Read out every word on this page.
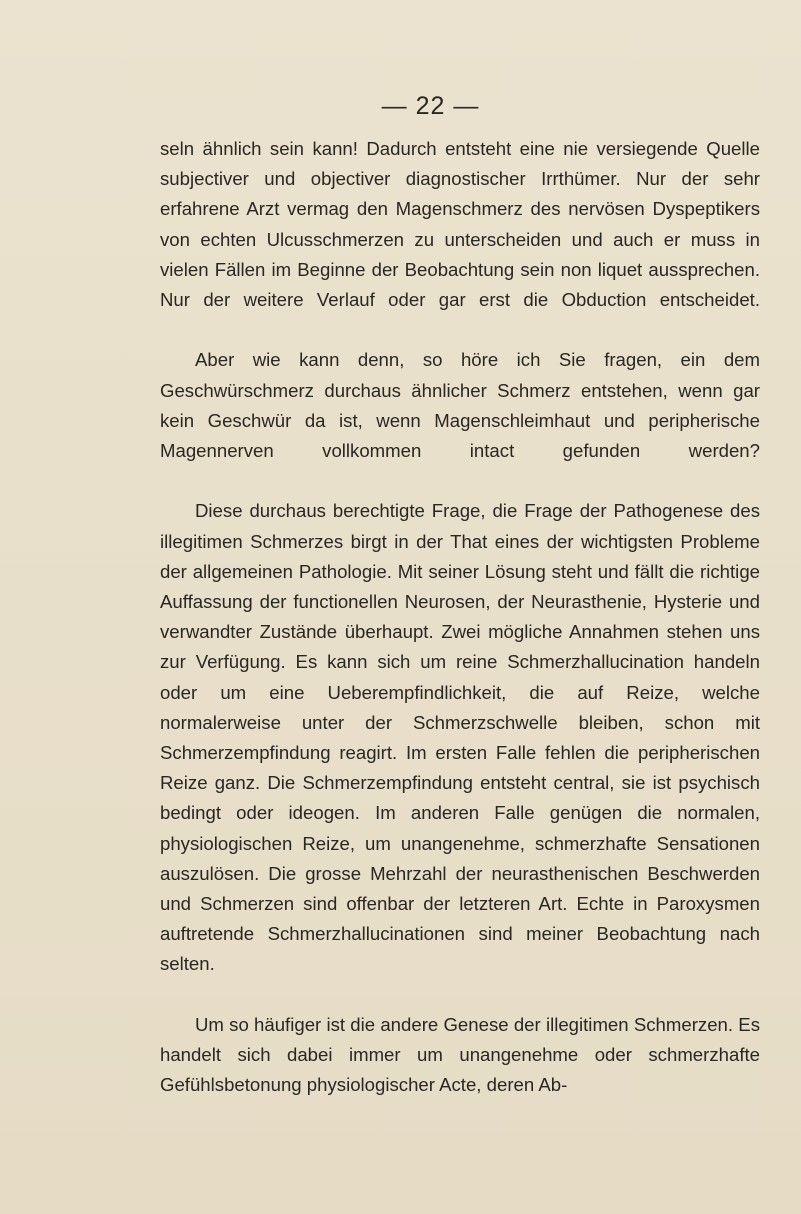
— 22 —

seln ähnlich sein kann! Dadurch entsteht eine nie versiegende Quelle subjectiver und objectiver diagnostischer Irrthümer. Nur der sehr erfahrene Arzt vermag den Magenschmerz des nervösen Dyspeptikers von echten Ulcusschmerzen zu unterscheiden und auch er muss in vielen Fällen im Beginne der Beobachtung sein non liquet aussprechen. Nur der weitere Verlauf oder gar erst die Obduction entscheidet.

Aber wie kann denn, so höre ich Sie fragen, ein dem Geschwürschmerz durchaus ähnlicher Schmerz entstehen, wenn gar kein Geschwür da ist, wenn Magenschleimhaut und peripherische Magennerven vollkommen intact gefunden werden?

Diese durchaus berechtigte Frage, die Frage der Pathogenese des illegitimen Schmerzes birgt in der That eines der wichtigsten Probleme der allgemeinen Pathologie. Mit seiner Lösung steht und fällt die richtige Auffassung der functionellen Neurosen, der Neurasthenie, Hysterie und verwandter Zustände überhaupt. Zwei mögliche Annahmen stehen uns zur Verfügung. Es kann sich um reine Schmerzhallucination handeln oder um eine Ueberempfindlichkeit, die auf Reize, welche normalerweise unter der Schmerzschwelle bleiben, schon mit Schmerzempfindung reagirt. Im ersten Falle fehlen die peripherischen Reize ganz. Die Schmerzempfindung entsteht central, sie ist psychisch bedingt oder ideogen. Im anderen Falle genügen die normalen, physiologischen Reize, um unangenehme, schmerzhafte Sensationen auszulösen. Die grosse Mehrzahl der neurasthenischen Beschwerden und Schmerzen sind offenbar der letzteren Art. Echte in Paroxysmen auftretende Schmerzhallucinationen sind meiner Beobachtung nach selten.

Um so häufiger ist die andere Genese der illegitimen Schmerzen. Es handelt sich dabei immer um unangenehme oder schmerzhafte Gefühlsbetonung physiologischer Acte, deren Ab-
